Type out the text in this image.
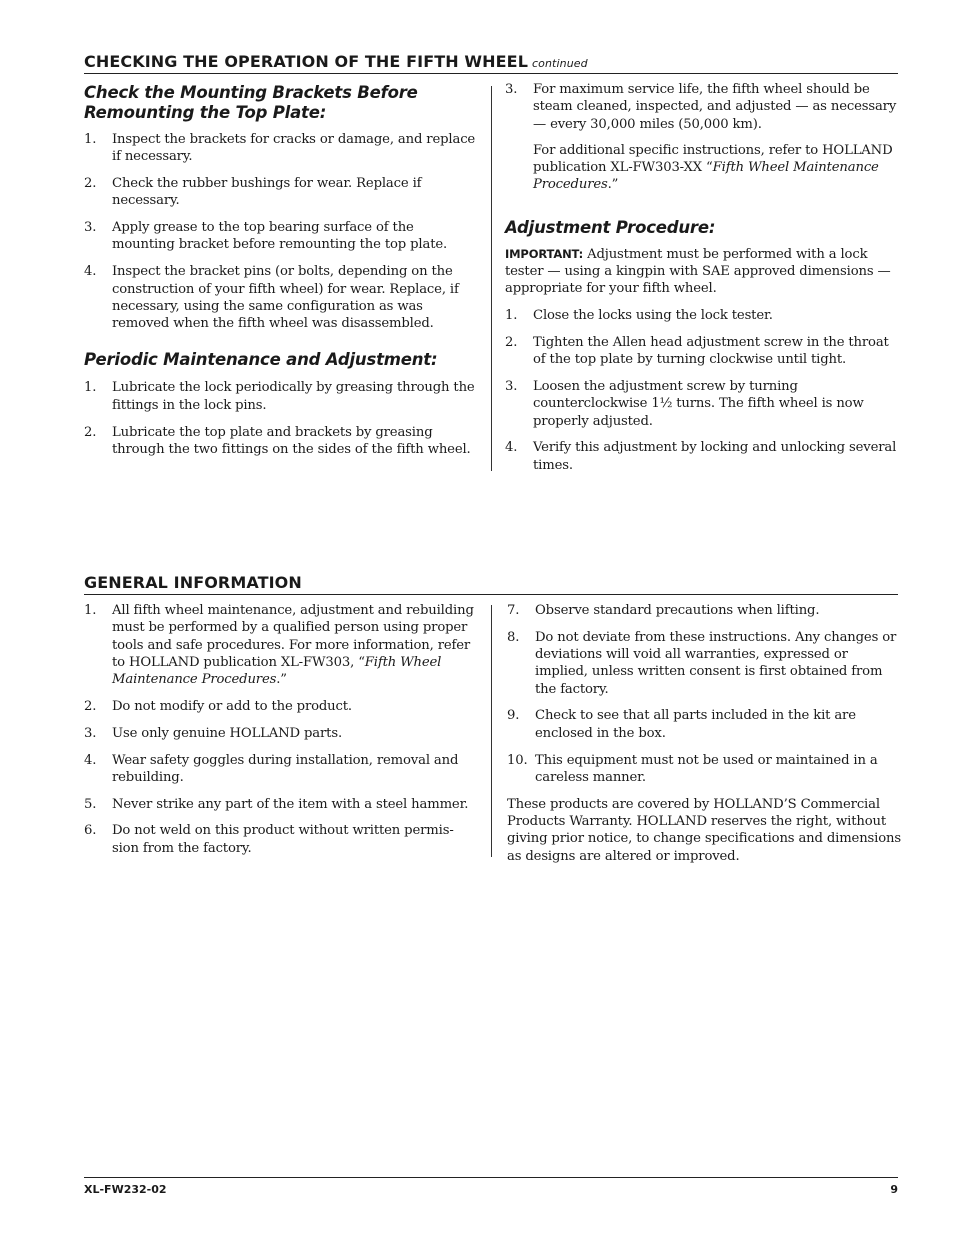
CHECKING THE OPERATION OF THE FIFTH WHEEL continued
Check the Mounting Brackets Before
Remounting the Top Plate:
1. Inspect the brackets for cracks or damage, and replace if necessary.
2. Check the rubber bushings for wear. Replace if necessary.
3. Apply grease to the top bearing surface of the mounting bracket before remounting the top plate.
4. Inspect the bracket pins (or bolts, depending on the construction of your fifth wheel) for wear. Replace, if necessary, using the same configuration as was removed when the fifth wheel was disassembled.
Periodic Maintenance and Adjustment:
1. Lubricate the lock periodically by greasing through the fittings in the lock pins.
2. Lubricate the top plate and brackets by greasing through the two fittings on the sides of the fifth wheel.
3. For maximum service life, the fifth wheel should be steam cleaned, inspected, and adjusted — as necessary — every 30,000 miles (50,000 km).
For additional specific instructions, refer to HOLLAND publication XL-FW303-XX “Fifth Wheel Maintenance Procedures.”
Adjustment Procedure:

IMPORTANT: Adjustment must be performed with a lock tester — using a kingpin with SAE approved dimensions — appropriate for your fifth wheel.

1. Close the locks using the lock tester.
2. Tighten the Allen head adjustment screw in the throat of the top plate by turning clockwise until tight.
3. Loosen the adjustment screw by turning counterclockwise 1½ turns. The fifth wheel is now properly adjusted.
4. Verify this adjustment by locking and unlocking several times.
GENERAL INFORMATION
1. All fifth wheel maintenance, adjustment and rebuilding must be performed by a qualified person using proper tools and safe procedures. For more information, refer to HOLLAND publication XL-FW303, “Fifth Wheel Maintenance Procedures.”
2. Do not modify or add to the product.
3. Use only genuine HOLLAND parts.
4. Wear safety goggles during installation, removal and rebuilding.
5. Never strike any part of the item with a steel hammer.
6. Do not weld on this product without written permis-sion from the factory.
7. Observe standard precautions when lifting.
8. Do not deviate from these instructions. Any changes or deviations will void all warranties, expressed or implied, unless written consent is first obtained from the factory.
9. Check to see that all parts included in the kit are enclosed in the box.
10. This equipment must not be used or maintained in a careless manner.

These products are covered by HOLLAND’S Commercial Products Warranty. HOLLAND reserves the right, without giving prior notice, to change specifications and dimensions as designs are altered or improved.

XL-FW232-02	9
